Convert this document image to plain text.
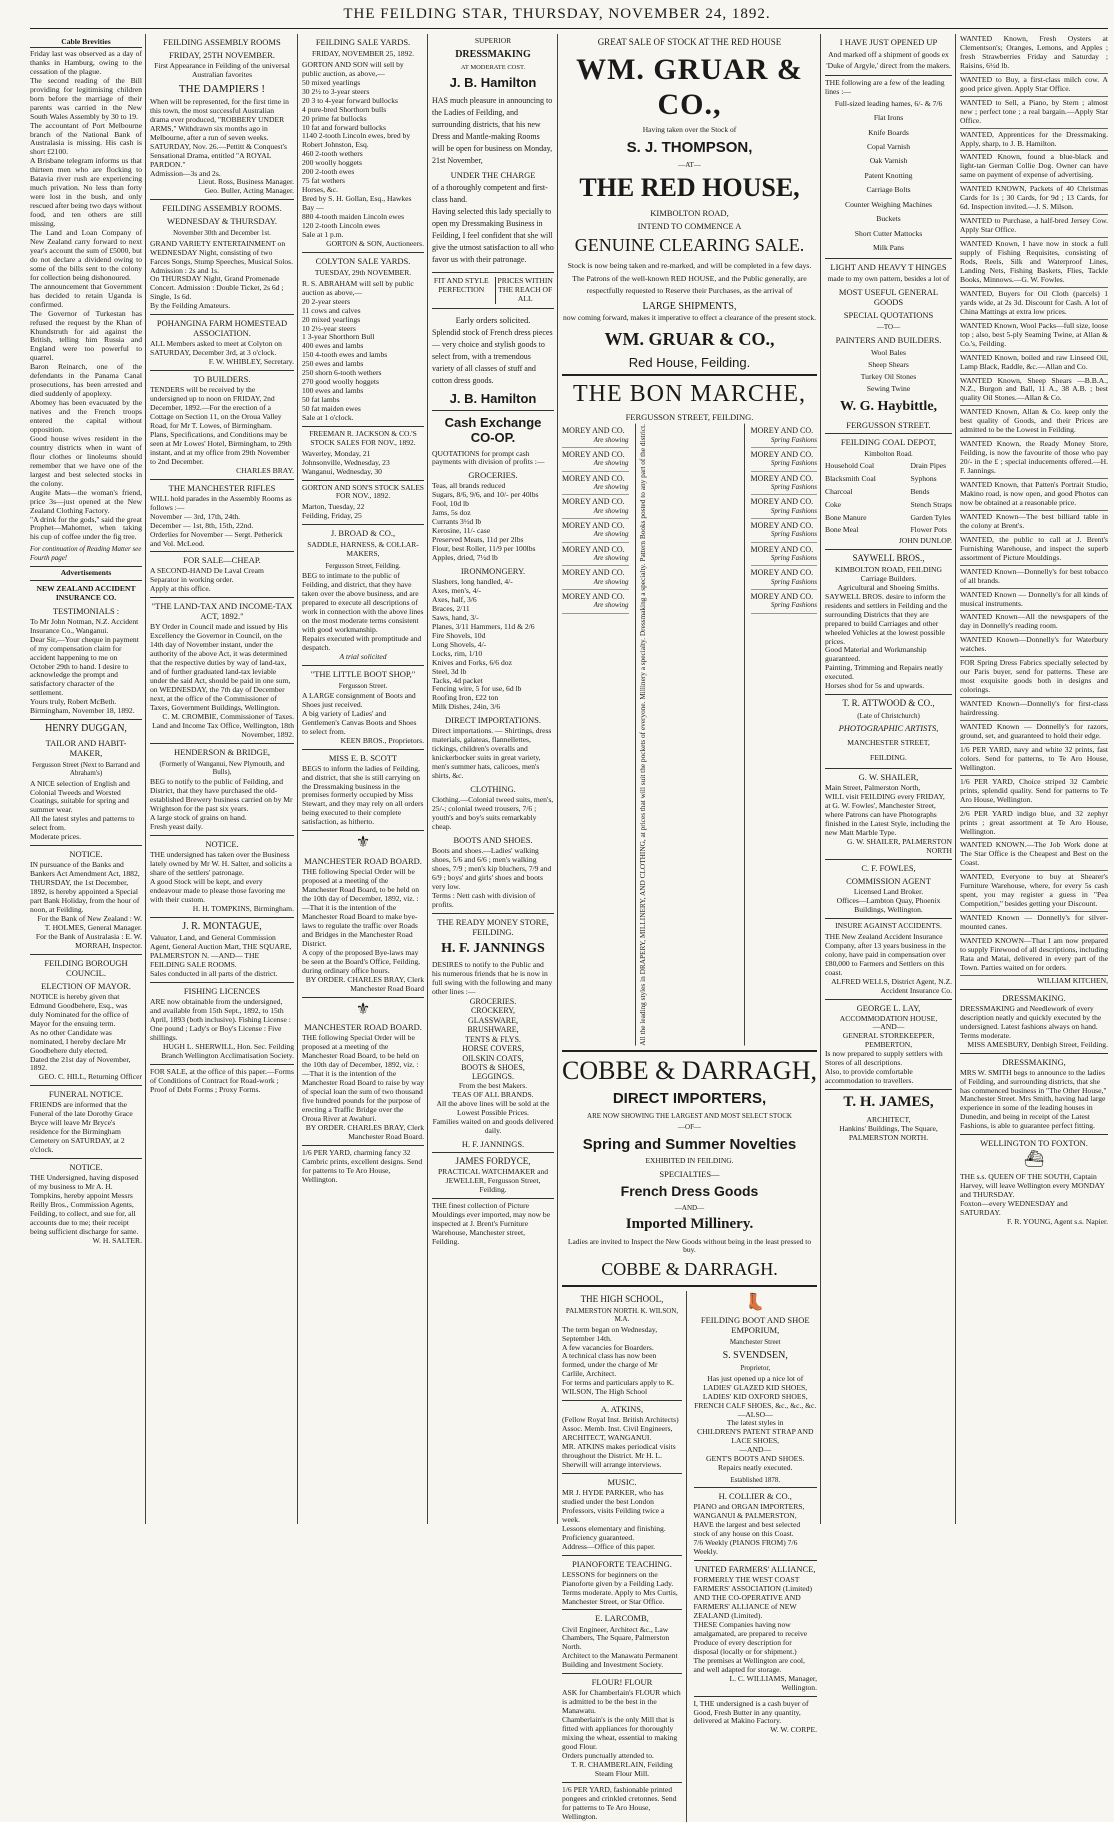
THE FEILDING STAR, THURSDAY, NOVEMBER 24, 1892.
Cable Brevities
Friday last was observed as a day of thanks in Hamburg, owing to the cessation of the plague.
The second reading of the Bill providing for legitimising children born before the marriage of their parents was carried in the New South Wales Assembly by 30 to 19.
The accountant of Port Melbourne branch of the National Bank of Australasia is missing. His cash is short £2100.
A Brisbane telegram informs us that thirteen men who are flocking to Batavia river rush are experiencing much privation. No less than forty were lost in the bush, and only rescued after being two days without food, and ten others are still missing.
The Land and Loan Company of New Zealand carry forward to next year's account the sum of £5000, but do not declare a dividend owing to some of the bills sent to the colony for collection being dishonoured.
The announcement that Government has decided to retain Uganda is confirmed.
The Governor of Turkestan has refused the request by the Khan of Khundstruth for aid against the British, telling him Russia and England were too powerful to quarrel.
Baron Reinarch, one of the defendants in the Panama Canal prosecutions, has been arrested and died suddenly of apoplexy.
Abomey has been evacuated by the natives and the French troops entered the capital without opposition.
Good house wives resident in the country districts when in want of flour clothes or linoleums should remember that we have one of the largest and best selected stocks in the colony.
Augite Mats—the woman's friend, price 3s—just opened at the New Zealand Clothing Factory.
"A drink for the gods," said the great Prophet—Mahomet, when taking his cup of coffee under the fig tree.
For continuation of Reading Matter see Fourth page!
Advertisements
NEW ZEALAND ACCIDENT INSURANCE CO.
TESTIMONIALS :
To Mr John Notman, N.Z. Accident Insurance Co., Wanganui.
Dear Sir,—Your cheque in payment of my compensation claim for accident happening to me on October 29th to hand. I desire to acknowledge the prompt and satisfactory character of the settlement.
Yours truly, Robert McBeth.
Birmingham, November 18, 1892.
HENRY DUGGAN,
TAILOR AND HABIT-MAKER,
Fergusson Street (Next to Barrand and Abraham's)
A NICE selection of English and Colonial Tweeds and Worsted Coatings, suitable for spring and summer wear.
All the latest styles and patterns to select from.
Moderate prices.
NOTICE.
IN pursuance of the Banks and Bankers Act Amendment Act, 1882, THURSDAY, the 1st December, 1892, is hereby appointed a Special part Bank Holiday, from the hour of noon, at Feilding.
For the Bank of New Zealand : W. T. HOLMES, General Manager.
For the Bank of Australasia : E. W. MORRAH, Inspector.
FEILDING BOROUGH COUNCIL.
ELECTION OF MAYOR.
NOTICE is hereby given that Edmund Goodbehere, Esq., was duly Nominated for the office of Mayor for the ensuing term.
As no other Candidate was nominated, I hereby declare Mr Goodbehere duly elected.
Dated the 21st day of November, 1892.
GEO. C. HILL, Returning Officer
FUNERAL NOTICE.
FRIENDS are informed that the Funeral of the late Dorothy Grace Bryce will leave Mr Bryce's residence for the Birmingham Cemetery on SATURDAY, at 2 o'clock.
NOTICE.
THE Undersigned, having disposed of my business to Mr A. H. Tompkins, hereby appoint Messrs Reilly Bros., Commission Agents, Feilding, to collect, and sue for, all accounts due to me; their receipt being sufficient discharge for same.
W. H. SALTER.
FEILDING ASSEMBLY ROOMS
FRIDAY, 25TH NOVEMBER.
First Appearance in Feilding of the universal Australian favorites
THE DAMPIERS !
When will be represented, for the first time in this town, the most successful Australian drama ever produced, "ROBBERY UNDER ARMS," Withdrawn six months ago in Melbourne, after a run of seven weeks.
SATURDAY, Nov. 26.—Pettitt & Conquest's Sensational Drama, entitled "A ROYAL PARDON."
Admission—3s and 2s.
Lieut. Ross, Business Manager.
Geo. Buller, Acting Manager.
FEILDING ASSEMBLY ROOMS.
WEDNESDAY & THURSDAY.
November 30th and December 1st.
GRAND VARIETY ENTERTAINMENT on WEDNESDAY Night, consisting of two Farces Songs, Stump Speeches, Musical Solos. Admission : 2s and 1s.
On THURSDAY Night, Grand Promenade Concert. Admission : Double Ticket, 2s 6d ; Single, 1s 6d.
By the Feilding Amateurs.
POHANGINA FARM HOMESTEAD ASSOCIATION.
ALL Members asked to meet at Colyton on SATURDAY, December 3rd, at 3 o'clock.
F. W. WHIBLEY, Secretary.
TO BUILDERS.
TENDERS will be received by the undersigned up to noon on FRIDAY, 2nd December, 1892.—For the erection of a Cottage on Section 11, on the Oroua Valley Road, for Mr T. Lowes, of Birmingham.
Plans, Specifications, and Conditions may be seen at Mr Lowes' Hotel, Birmingham, to 29th instant, and at my office from 29th November to 2nd December.
CHARLES BRAY.
THE MANCHESTER RIFLES
WILL hold parades in the Assembly Rooms as follows :—
November — 3rd, 17th, 24th.
December — 1st, 8th, 15th, 22nd.
Orderlies for November — Sergt. Petherick and Vol. McLeod.
FOR SALE—CHEAP.
A SECOND-HAND De Laval Cream Separator in working order.
Apply at this office.
"THE LAND-TAX AND INCOME-TAX ACT, 1892."
BY Order in Council made and issued by His Excellency the Governor in Council, on the 14th day of November instant, under the authority of the above Act, it was determined that the respective duties by way of land-tax, and of further graduated land-tax leviable under the said Act, should be paid in one sum, on WEDNESDAY, the 7th day of December next, at the office of the Commissioner of Taxes, Government Buildings, Wellington.
C. M. CROMBIE, Commissioner of Taxes.
Land and Income Tax Office, Wellington, 18th November, 1892.
HENDERSON & BRIDGE,
(Formerly of Wanganui, New Plymouth, and Bulls),
BEG to notify to the public of Feilding, and District, that they have purchased the old-established Brewery business carried on by Mr Wrightson for the past six years.
A large stock of grains on hand.
Fresh yeast daily.
NOTICE.
THE undersigned has taken over the Business lately owned by Mr W. H. Salter, and solicits a share of the settlers' patronage.
A good Stock will be kept, and every endeavour made to please those favoring me with their custom.
H. H. TOMPKINS, Birmingham.
J. R. MONTAGUE,
Valuator, Land, and General Commission Agent, General Auction Mart, THE SQUARE, PALMERSTON N. —AND— THE FEILDING SALE ROOMS.
Sales conducted in all parts of the district.
FISHING LICENCES
ARE now obtainable from the undersigned, and available from 15th Sept., 1892, to 15th April, 1893 (both inclusive). Fishing License : One pound ; Lady's or Boy's License : Five shillings.
HUGH L. SHERWILL, Hon. Sec. Feilding Branch Wellington Acclimatisation Society.
FOR SALE, at the office of this paper.—Forms of Conditions of Contract for Road-work ; Proof of Debt Forms ; Proxy Forms.
FEILDING SALE YARDS.
FRIDAY, NOVEMBER 25, 1892.
GORTON AND SON will sell by public auction, as above,—
50 mixed yearlings
30 2½ to 3-year steers
20 3 to 4-year forward bullocks
4 pure-bred Shorthorn bulls
20 prime fat bullocks
10 fat and forward bullocks
1140 2-tooth Lincoln ewes, bred by Robert Johnston, Esq.
460 2-tooth wethers
200 woolly hoggets
200 2-tooth ewes
75 fat wethers
Horses, &c.
Bred by S. H. Gollan, Esq., Hawkes Bay —
880 4-tooth maiden Lincoln ewes
120 2-tooth Lincoln ewes
Sale at 1 p.m.
GORTON & SON, Auctioneers.
COLYTON SALE YARDS.
TUESDAY, 29th NOVEMBER.
R. S. ABRAHAM will sell by public auction as above,—
20 2-year steers
11 cows and calves
20 mixed yearlings
10 2½-year steers
1 3-year Shorthorn Bull
400 ewes and lambs
150 4-tooth ewes and lambs
250 ewes and lambs
250 shorn 6-tooth wethers
270 good woolly hoggets
100 ewes and lambs
50 fat lambs
50 fat maiden ewes
Sale at 1 o'clock.
FREEMAN R. JACKSON & CO.'S STOCK SALES FOR NOV., 1892.
Waverley, Monday, 21
Johnsonville, Wednesday, 23
Wanganui, Wednesday, 30
GORTON AND SON'S STOCK SALES FOR NOV., 1892.
Marton, Tuesday, 22
Feilding, Friday, 25
J. BROAD & CO.,
SADDLE, HARNESS, & COLLAR-MAKERS,
Fergusson Street, Feilding.
BEG to intimate to the public of Feilding, and district, that they have taken over the above business, and are prepared to execute all descriptions of work in connection with the above lines on the most moderate terms consistent with good workmanship.
Repairs executed with promptitude and despatch.
A trial solicited
"THE LITTLE BOOT SHOP,"
Fergusson Street.
A LARGE consignment of Boots and Shoes just received.
A big variety of Ladies' and Gentlemen's Canvas Boots and Shoes to select from.
KEEN BROS., Proprietors.
MISS E. B. SCOTT
BEGS to inform the ladies of Feilding, and district, that she is still carrying on the Dressmaking business in the premises formerly occupied by Miss Stewart, and they may rely on all orders being executed to their complete satisfaction, as hitherto.
⚜
MANCHESTER ROAD BOARD.
THE following Special Order will be proposed at a meeting of the Manchester Road Board, to be held on the 10th day of December, 1892, viz. :—That it is the intention of the Manchester Road Board to make bye-laws to regulate the traffic over Roads and Bridges in the Manchester Road District.
A copy of the proposed Bye-laws may be seen at the Board's Office, Feilding, during ordinary office hours.
BY ORDER. CHARLES BRAY, Clerk Manchester Road Board
⚜
MANCHESTER ROAD BOARD.
THE following Special Order will be proposed at a meeting of the Manchester Road Board, to be held on the 10th day of December, 1892, viz. :—That it is the intention of the Manchester Road Board to raise by way of special loan the sum of two thousand five hundred pounds for the purpose of erecting a Traffic Bridge over the Oroua River at Awahuri.
BY ORDER. CHARLES BRAY, Clerk Manchester Road Board.
1/6 PER YARD, charming fancy 32 Cambric prints, excellent designs. Send for patterns to Te Aro House, Wellington.
SUPERIOR
DRESSMAKING
AT MODERATE COST.
J. B. Hamilton
HAS much pleasure in announcing to the Ladies of Feilding, and surrounding districts, that his new Dress and Mantle-making Rooms will be open for business on Monday, 21st November,
UNDER THE CHARGE
of a thoroughly competent and first-class hand.
Having selected this lady specially to open my Dressmaking Business in Feilding, I feel confident that she will give the utmost satisfaction to all who favor us with their patronage.
FIT AND STYLE PERFECTION
PRICES WITHIN THE REACH OF ALL
Early orders solicited.
Splendid stock of French dress pieces — very choice and stylish goods to select from, with a tremendous variety of all classes of stuff and cotton dress goods.
J. B. Hamilton
Cash Exchange CO-OP.
QUOTATIONS for prompt cash payments with division of profits :—
GROCERIES.
Teas, all brands reduced
Sugars, 8/6, 9/6, and 10/- per 40lbs
Fool, 10d lb
Jams, 5s doz
Currants 3½d lb
Kerosine, 11/- case
Preserved Meats, 11d per 2lbs
Flour, best Roller, 11/9 per 100lbs
Apples, dried, 7½d lb
IRONMONGERY.
Slashers, long handled, 4/-
Axes, men's, 4/-
Axes, half, 3/6
Braces, 2/11
Saws, hand, 3/-
Planes, 3/11 Hammers, 11d & 2/6
Fire Shovels, 10d
Long Shovels, 4/-
Locks, rim, 1/10
Knives and Forks, 6/6 doz
Steel, 3d lb
Tacks, 4d packet
Fencing wire, 5 for use, 6d lb
Roofing Iron, £22 ton
Milk Dishes, 24in, 3/6
DIRECT IMPORTATIONS.
Direct importations. — Shirtings, dress materials, galateas, flannellettes, tickings, children's overalls and knickerbocker suits in great variety, men's summer hats, calicoes, men's shirts, &c.
CLOTHING.
Clothing.—Colonial tweed suits, men's, 25/-; colonial tweed trousers, 7/6 ; youth's and boy's suits remarkably cheap.
BOOTS AND SHOES.
Boots and shoes.—Ladies' walking shoes, 5/6 and 6/6 ; men's walking shoes, 7/9 ; men's kip bluchers, 7/9 and 6/9 ; boys' and girls' shoes and boots very low.
Terms : Nett cash with division of profits.
THE READY MONEY STORE, FEILDING.
H. F. JANNINGS
DESIRES to notify to the Public and his numerous friends that he is now in full swing with the following and many other lines :—
GROCERIES.
CROCKERY,
GLASSWARE,
BRUSHWARE,
TENTS & FLYS.
HORSE COVERS,
OILSKIN COATS,
BOOTS & SHOES,
LEGGINGS.
From the best Makers.
TEAS OF ALL BRANDS.
All the above lines will be sold at the Lowest Possible Prices.
Families waited on and goods delivered daily.
H. F. JANNINGS.
JAMES FORDYCE,
PRACTICAL WATCHMAKER and JEWELLER, Fergusson Street, Feilding.
THE finest collection of Picture Mouldings ever imported, may now be inspected at J. Brent's Furniture Warehouse, Manchester street, Feilding.
GREAT SALE OF STOCK AT THE RED HOUSE
WM. GRUAR & CO.,
Having taken over the Stock of
S. J. THOMPSON,
—AT—
THE RED HOUSE,
KIMBOLTON ROAD,
INTEND TO COMMENCE A
GENUINE CLEARING SALE.
Stock is now being taken and re-marked, and will be completed in a few days.
The Patrons of the well-known RED HOUSE, and the Public generally, are respectfully requested to Reserve their Purchases, as the arrival of
LARGE SHIPMENTS,
now coming forward, makes it imperative to effect a clearance of the present stock.
WM. GRUAR & CO.,
Red House, Feilding.
THE BON MARCHE,
FERGUSSON STREET, FEILDING.
MOREY AND CO.
Are showing
MOREY AND CO.
Are showing
MOREY AND CO.
Are showing
MOREY AND CO.
Are showing
MOREY AND CO.
Are showing
MOREY AND CO.
Are showing
MOREY AND CO.
Are showing
MOREY AND CO.
Are showing	All the leading styles in DRAPERY, MILLINERY, AND CLOTHING, at prices that will suit the pockets of everyone. Millinery a specialty. Dressmaking a specialty. Pattern Books posted to any part of the district.	MOREY AND CO.
Spring Fashions
MOREY AND CO.
Spring Fashions
MOREY AND CO.
Spring Fashions
MOREY AND CO.
Spring Fashions
MOREY AND CO.
Spring Fashions
MOREY AND CO.
Spring Fashions
MOREY AND CO.
Spring Fashions
MOREY AND CO.
Spring Fashions
COBBE & DARRAGH,
DIRECT IMPORTERS,
ARE NOW SHOWING THE LARGEST AND MOST SELECT STOCK
—OF—
Spring and Summer Novelties
EXHIBITED IN FEILDING.
SPECIALTIES—
French Dress Goods
—AND—
Imported Millinery.
Ladies are invited to Inspect the New Goods without being in the least pressed to buy.
COBBE & DARRAGH.
THE HIGH SCHOOL,
PALMERSTON NORTH. K. WILSON, M.A.
The term began on Wednesday, September 14th.
A few vacancies for Boarders.
A technical class has now been formed, under the charge of Mr Carlile, Architect.
For terms and particulars apply to K. WILSON, The High School
A. ATKINS,
(Fellow Royal Inst. British Architects) Assoc. Memb. Inst. Civil Engineers, ARCHITECT, WANGANUI.
MR. ATKINS makes periodical visits throughout the District. Mr H. L. Sherwill will arrange interviews.
MUSIC.
MR J. HYDE PARKER, who has studied under the best London Professors, visits Feilding twice a week.
Lessons elementary and finishing. Proficiency guaranteed.
Address—Office of this paper.
PIANOFORTE TEACHING.
LESSONS for beginners on the Pianoforte given by a Feilding Lady. Terms moderate. Apply to Mrs Curtis, Manchester Street, or Star Office.
E. LARCOMB,
Civil Engineer, Architect &c., Law Chambers, The Square, Palmerston North.
Architect to the Manawatu Permanent Building and Investment Society.
FLOUR! FLOUR
ASK for Chamberlain's FLOUR which is admitted to be the best in the Manawatu.
Chamberlain's is the only Mill that is fitted with appliances for thoroughly mixing the wheat, essential to making good Flour.
Orders punctually attended to.
T. R. CHAMBERLAIN, Feilding Steam Flour Mill.
1/6 PER YARD, fashionable printed pongees and crinkled cretonnes. Send for patterns to Te Aro House, Wellington.
👢
FEILDING BOOT AND SHOE EMPORIUM,
Manchester Street
S. SVENDSEN,
Proprietor,
Has just opened up a nice lot of
LADIES' GLAZED KID SHOES,
LADIES' KID OXFORD SHOES,
FRENCH CALF SHOES, &c., &c., &c.
—ALSO—
The latest styles in
CHILDREN'S PATENT STRAP AND LACE SHOES,
—AND—
GENT'S BOOTS AND SHOES.
Repairs neatly executed.
Established 1878.
H. COLLIER & CO.,
PIANO and ORGAN IMPORTERS, WANGANUI & PALMERSTON,
HAVE the largest and best selected stock of any house on this Coast.
7/6 Weekly (PIANOS FROM) 7/6 Weekly.
UNITED FARMERS' ALLIANCE,
FORMERLY THE WEST COAST FARMERS' ASSOCIATION (Limited) AND THE CO-OPERATIVE AND FARMERS' ALLIANCE of NEW ZEALAND (Limited).
THESE Companies having now amalgamated, are prepared to receive Produce of every description for disposal (locally or for shipment.)
The premises at Wellington are cool, and well adapted for storage.
L. C. WILLIAMS, Manager, Wellington.
I, THE undersigned is a cash buyer of Good, Fresh Butter in any quantity, delivered at Makino Factory.
W. W. CORPE.
I HAVE JUST OPENED UP
And marked off a shipment of goods ex 'Duke of Argyle,' direct from the makers.
THE following are a few of the leading lines :—
Full-sized leading hames, 6/- & 7/6
Flat Irons
Knife Boards
Copal Varnish
Oak Varnish
Patent Knotting
Carriage Bolts
Counter Weighing Machines
Buckets
Short Cutter Mattocks
Milk Pans
LIGHT AND HEAVY T HINGES
made to my own pattern, besides a lot of
MOST USEFUL GENERAL GOODS
SPECIAL QUOTATIONS
—TO—
PAINTERS AND BUILDERS.
Wool Bales
Sheep Shears
Turkey Oil Stones
Sewing Twine
W. G. Haybittle,
FERGUSSON STREET.
FEILDING COAL DEPOT,
Kimbolton Road.
Household Coal
Blacksmith Coal
Charcoal
Coke
Bone Manure
Bone Meal
Drain Pipes
Syphons
Bends
Stench Straps
Garden Tyles
Flower Pots
JOHN DUNLOP.
SAYWELL BROS.,
KIMBOLTON ROAD, FEILDING
Carriage Builders.
Agricultural and Shoeing Smiths.
SAYWELL BROS. desire to inform the residents and settlers in Feilding and the surrounding Districts that they are prepared to build Carriages and other wheeled Vehicles at the lowest possible prices.
Good Material and Workmanship guaranteed.
Painting, Trimming and Repairs neatly executed.
Horses shod for 5s and upwards.
T. R. ATTWOOD & CO.,
(Late of Christchurch)
PHOTOGRAPHIC ARTISTS,
MANCHESTER STREET,
FEILDING.
G. W. SHAILER,
Main Street, Palmerston North,
WILL visit FEILDING every FRIDAY, at G. W. Fowles', Manchester Street, where Patrons can have Photographs finished in the Latest Style, including the new Matt Marble Type.
G. W. SHAILER, PALMERSTON NORTH
C. F. FOWLES,
COMMISSION AGENT
Licensed Land Broker.
Offices—Lambton Quay, Phoenix Buildings, Wellington.
INSURE AGAINST ACCIDENTS.
THE New Zealand Accident Insurance Company, after 13 years business in the colony, have paid in compensation over £80,000 to Farmers and Settlers on this coast.
ALFRED WELLS, District Agent, N.Z. Accident Insurance Co.
GEORGE L. LAY,
ACCOMMODATION HOUSE,
—AND—
GENERAL STOREKEEPER,
PEMBERTON,
Is now prepared to supply settlers with Stores of all descriptions.
Also, to provide comfortable accommodation to travellers.
T. H. JAMES,
ARCHITECT,
Hankins' Buildings, The Square,
PALMERSTON NORTH.
WANTED Known, Fresh Oysters at Clementson's; Oranges, Lemons, and Apples ; fresh Strawberries Friday and Saturday ; Raisins, 6½d lb.
WANTED to Buy, a first-class milch cow. A good price given. Apply Star Office.
WANTED to Sell, a Piano, by Stern ; almost new ; perfect tone ; a real bargain.—Apply Star Office.
WANTED, Apprentices for the Dressmaking. Apply, sharp, to J. B. Hamilton.
WANTED Known, found a blue-black and light-tan German Collie Dog. Owner can have same on payment of expense of advertising.
WANTED KNOWN, Packets of 40 Christmas Cards for 1s ; 30 Cards, for 9d ; 13 Cards, for 6d. Inspection invited.—J. S. Milson.
WANTED to Purchase, a half-bred Jersey Cow. Apply Star Office.
WANTED Known, I have now in stock a full supply of Fishing Requisites, consisting of Rods, Reels, Silk and Waterproof Lines, Landing Nets, Fishing Baskets, Flies, Tackle Books, Minnows.—G. W. Fowles.
WANTED, Buyers for Oil Cloth (parcels) 1 yards wide, at 2s 3d. Discount for Cash. A lot of China Mattings at extra low prices.
WANTED Known, Wool Packs—full size, loose top ; also, best 5-ply Seaming Twine, at Allan & Co.'s, Feilding.
WANTED Known, boiled and raw Linseed Oil, Lamp Black, Raddle, &c.—Allan and Co.
WANTED Known, Sheep Shears —B.B.A., N.Z., Burgon and Ball, 11 A., 38 A.B. ; best quality Oil Stones.—Allan & Co.
WANTED Known, Allan & Co. keep only the best quality of Goods, and their Prices are admitted to be the Lowest in Feilding.
WANTED Known, the Ready Money Store, Feilding, is now the favourite of those who pay 20/- in the £ ; special inducements offered.—H. F. Jannings.
WANTED Known, that Patten's Portrait Studio, Makino road, is now open, and good Photos can now be obtained at a reasonable price.
WANTED Known—The best billiard table in the colony at Brent's.
WANTED, the public to call at J. Brent's Furnishing Warehouse, and inspect the superb assortment of Picture Mouldings.
WANTED Known—Donnelly's for best tobacco of all brands.
WANTED Known — Donnelly's for all kinds of musical instruments.
WANTED Known—All the newspapers of the day in Donnelly's reading room.
WANTED Known—Donnelly's for Waterbury watches.
FOR Spring Dress Fabrics specially selected by our Paris buyer, send for patterns. These are most exquisite goods both in designs and colorings.
WANTED Known—Donnelly's for first-class hairdressing.
WANTED Known — Donnelly's for razors, ground, set, and guaranteed to hold their edge.
1/6 PER YARD, navy and white 32 prints, fast colors. Send for patterns, to Te Aro House, Wellington.
1/6 PER YARD, Choice striped 32 Cambric prints, splendid quality. Send for patterns to Te Aro House, Wellington.
2/6 PER YARD indigo blue, and 32 zephyr prints ; great assortment at Te Aro House, Wellington.
WANTED KNOWN.—The Job Work done at The Star Office is the Cheapest and Best on the Coast.
WANTED, Everyone to buy at Shearer's Furniture Warehouse, where, for every 5s cash spent, you may register a guess in "Pea Competition," besides getting your Discount.
WANTED Known — Donnelly's for silver-mounted canes.
WANTED KNOWN—That I am now prepared to supply Firewood of all descriptions, including Rata and Matai, delivered in every part of the Town. Parties waited on for orders.
WILLIAM KITCHEN,
DRESSMAKING.
DRESSMAKING and Needlework of every description neatly and quickly executed by the undersigned. Latest fashions always on hand. Terms moderate.
MISS AMESBURY, Denbigh Street, Feilding.
DRESSMAKING,
MRS W. SMITH begs to announce to the ladies of Feilding, and surrounding districts, that she has commenced business in "The Other House," Manchester Street. Mrs Smith, having had large experience in some of the leading houses in Dunedin, and being in receipt of the Latest Fashions, is able to guarantee perfect fitting.
WELLINGTON TO FOXTON.
⛴
THE s.s. QUEEN OF THE SOUTH, Captain Harvey, will leave Wellington every MONDAY and THURSDAY.
Foxton—every WEDNESDAY and SATURDAY.
F. R. YOUNG, Agent s.s. Napier.
